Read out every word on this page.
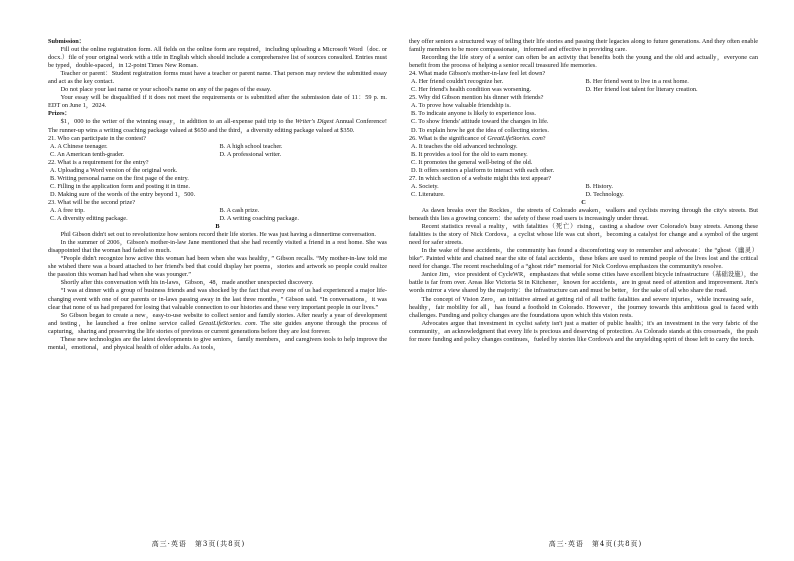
Submission：

Fill out the online registration form. All fields on the online form are required，including uploading a Microsoft Word（doc. or docx.）file of your original work with a title in English which should include a comprehensive list of sources consulted. Entries must be typed，double-spaced，in 12-point Times New Roman.

Teacher or parent：Student registration forms must have a teacher or parent name. That person may review the submitted essay and act as the key contact.

Do not place your last name or your school's name on any of the pages of the essay.

Your essay will be disqualified if it does not meet the requirements or is submitted after the submission date of 11：59 p. m. EDT on June 1，2024.

Prizes：

$1，000 to the writer of the winning essay，in addition to an all-expense paid trip to the Writer's Digest Annual Conference! The runner-up wins a writing coaching package valued at $650 and the third，a diversity editing package valued at $350.

21. Who can participate in the contest?

A. A Chinese teenager.	B. A high school teacher.
C. An American tenth-grader.	D. A professional writer.

22. What is a requirement for the entry?

A. Uploading a Word version of the original work.

B. Writing personal name on the first page of the entry.

C. Filling in the application form and posting it in time.

D. Making sure of the words of the entry beyond 1，500.

23. What will be the second prize?

A. A free trip.	B. A cash prize.
C. A diversity editing package.	D. A writing coaching package.

B

Phil Gibson didn't set out to revolutionize how seniors record their life stories. He was just having a dinnertime conversation.

In the summer of 2006，Gibson's mother-in-law Jane mentioned that she had recently visited a friend in a rest home. She was disappointed that the woman had faded so much.

“People didn't recognize how active this woman had been when she was healthy，” Gibson recalls. “My mother-in-law told me she wished there was a board attached to her friend's bed that could display her poems，stories and artwork so people could realize the passion this woman had had when she was younger.”

Shortly after this conversation with his in-laws，Gibson，48，made another unexpected discovery.

“I was at dinner with a group of business friends and was shocked by the fact that every one of us had experienced a major life-changing event with one of our parents or in-laws passing away in the last three months，” Gibson said. “In conversations，it was clear that none of us had prepared for losing that valuable connection to our histories and these very important people in our lives.”

So Gibson began to create a new，easy-to-use website to collect senior and family stories. After nearly a year of development and testing，he launched a free online service called GreatLifeStories. com. The site guides anyone through the process of capturing，sharing and preserving the life stories of previous or current generations before they are lost forever.

These new technologies are the latest developments to give seniors，family members，and caregivers tools to help improve the mental，emotional，and physical health of older adults. As tools，

高三·英语　第3页(共8页)

they offer seniors a structured way of telling their life stories and passing their legacies along to future generations. And they often enable family members to be more compassionate，informed and effective in providing care.

Recording the life story of a senior can often be an activity that benefits both the young and the old and actually，everyone can benefit from the process of helping a senior recall treasured life memories.

24. What made Gibson's mother-in-law feel let down?

A. Her friend couldn't recognize her.	B. Her friend went to live in a rest home.
C. Her friend's health condition was worsening.	D. Her friend lost talent for literary creation.

25. Why did Gibson mention his dinner with friends?

A. To prove how valuable friendship is.

B. To indicate anyone is likely to experience loss.

C. To show friends' attitude toward the changes in life.

D. To explain how he got the idea of collecting stories.

26. What is the significance of GreatLifeStories. com?

A. It teaches the old advanced technology.

B. It provides a tool for the old to earn money.

C. It promotes the general well-being of the old.

D. It offers seniors a platform to interact with each other.

27. In which section of a website might this text appear?

A. Society.	B. History.
C. Literature.	D. Technology.

C

As dawn breaks over the Rockies，the streets of Colorado awaken，walkers and cyclists moving through the city's streets. But beneath this lies a growing concern：the safety of these road users is increasingly under threat.

Recent statistics reveal a reality，with fatalities（死亡）rising，casting a shadow over Colorado's busy streets. Among these fatalities is the story of Nick Cordova，a cyclist whose life was cut short，becoming a catalyst for change and a symbol of the urgent need for safer streets.

In the wake of these accidents，the community has found a discomforting way to remember and advocate：the “ghost（幽灵）bike”. Painted white and chained near the site of fatal accidents，these bikes are used to remind people of the lives lost and the critical need for change. The recent rescheduling of a “ghost ride” memorial for Nick Cordova emphasizes the community's resolve.

Janice Jim，vice president of CycleWR，emphasizes that while some cities have excellent bicycle infrastructure（基础设施），the battle is far from over. Areas like Victoria St in Kitchener，known for accidents，are in great need of attention and improvement. Jim's words mirror a view shared by the majority：the infrastructure can and must be better，for the sake of all who share the road.

The concept of Vision Zero，an initiative aimed at getting rid of all traffic fatalities and severe injuries，while increasing safe，healthy，fair mobility for all，has found a foothold in Colorado. However，the journey towards this ambitious goal is faced with challenges. Funding and policy changes are the foundations upon which this vision rests.

Advocates argue that investment in cyclist safety isn't just a matter of public health；it's an investment in the very fabric of the community，an acknowledgment that every life is precious and deserving of protection. As Colorado stands at this crossroads，the push for more funding and policy changes continues，fueled by stories like Cordova's and the unyielding spirit of those left to carry the torch.

高三·英语　第4页(共8页)
